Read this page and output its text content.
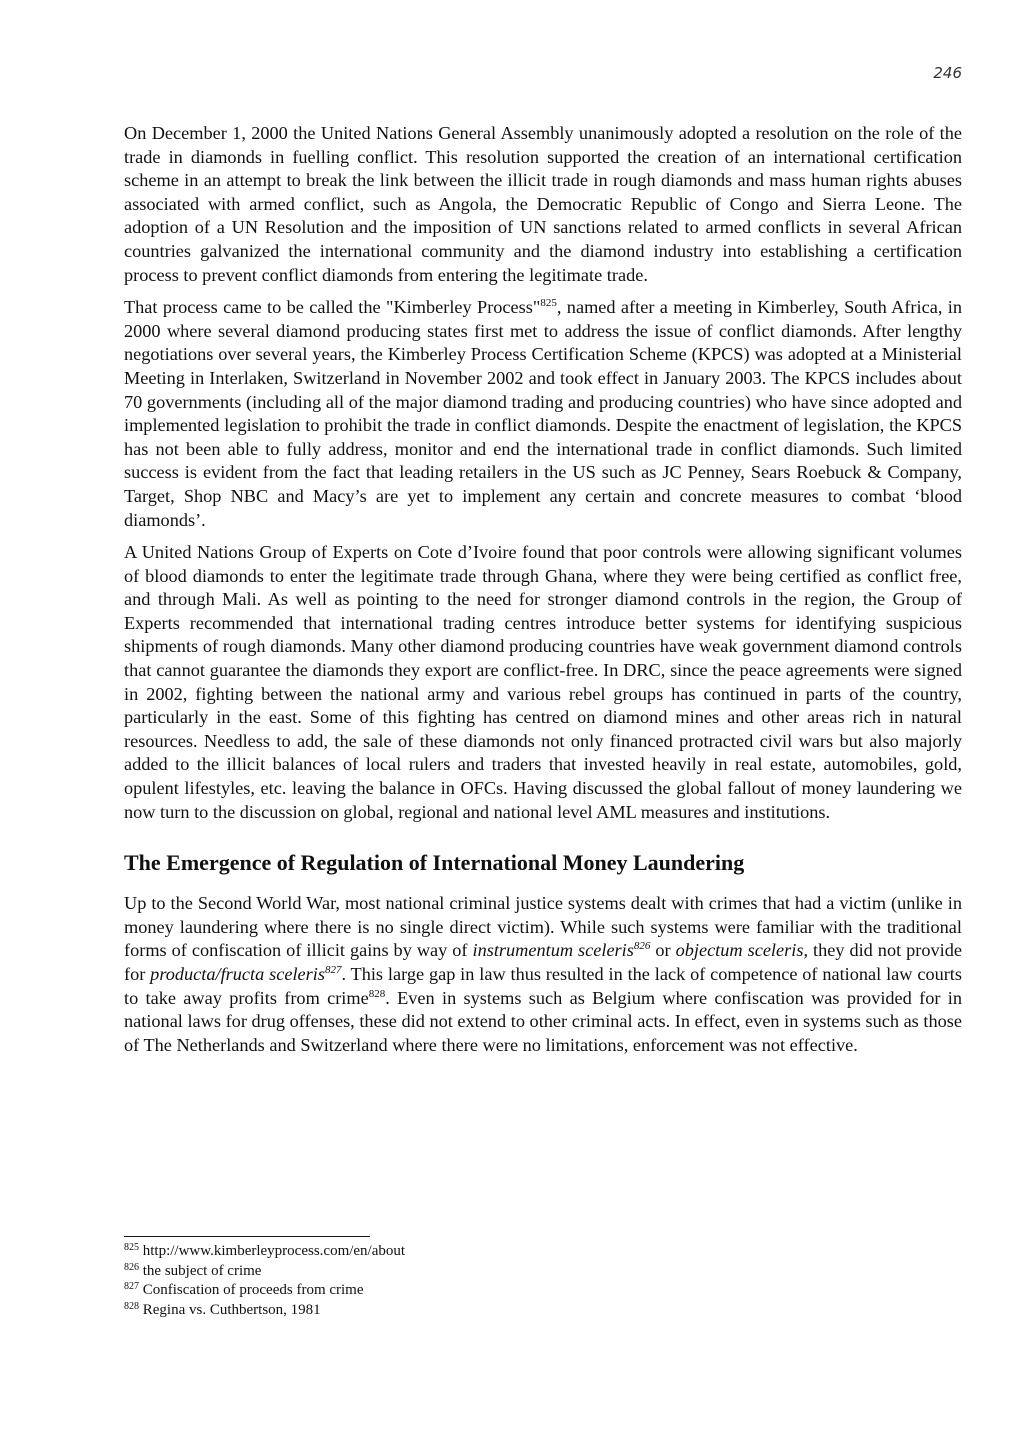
246

On December 1, 2000 the United Nations General Assembly unanimously adopted a resolution on the role of the trade in diamonds in fuelling conflict. This resolution supported the creation of an international certification scheme in an attempt to break the link between the illicit trade in rough diamonds and mass human rights abuses associated with armed conflict, such as Angola, the Democratic Republic of Congo and Sierra Leone. The adoption of a UN Resolution and the imposition of UN sanctions related to armed conflicts in several African countries galvanized the international community and the diamond industry into establishing a certification process to prevent conflict diamonds from entering the legitimate trade.

That process came to be called the "Kimberley Process"$^{825}$, named after a meeting in Kimberley, South Africa, in 2000 where several diamond producing states first met to address the issue of conflict diamonds. After lengthy negotiations over several years, the Kimberley Process Certification Scheme (KPCS) was adopted at a Ministerial Meeting in Interlaken, Switzerland in November 2002 and took effect in January 2003. The KPCS includes about 70 governments (including all of the major diamond trading and producing countries) who have since adopted and implemented legislation to prohibit the trade in conflict diamonds. Despite the enactment of legislation, the KPCS has not been able to fully address, monitor and end the international trade in conflict diamonds. Such limited success is evident from the fact that leading retailers in the US such as JC Penney, Sears Roebuck & Company, Target, Shop NBC and Macy’s are yet to implement any certain and concrete measures to combat ‘blood diamonds’.

A United Nations Group of Experts on Cote d’Ivoire found that poor controls were allowing significant volumes of blood diamonds to enter the legitimate trade through Ghana, where they were being certified as conflict free, and through Mali. As well as pointing to the need for stronger diamond controls in the region, the Group of Experts recommended that international trading centres introduce better systems for identifying suspicious shipments of rough diamonds. Many other diamond producing countries have weak government diamond controls that cannot guarantee the diamonds they export are conflict-free. In DRC, since the peace agreements were signed in 2002, fighting between the national army and various rebel groups has continued in parts of the country, particularly in the east. Some of this fighting has centred on diamond mines and other areas rich in natural resources. Needless to add, the sale of these diamonds not only financed protracted civil wars but also majorly added to the illicit balances of local rulers and traders that invested heavily in real estate, automobiles, gold, opulent lifestyles, etc. leaving the balance in OFCs. Having discussed the global fallout of money laundering we now turn to the discussion on global, regional and national level AML measures and institutions.

The Emergence of Regulation of International Money Laundering

Up to the Second World War, most national criminal justice systems dealt with crimes that had a victim (unlike in money laundering where there is no single direct victim). While such systems were familiar with the traditional forms of confiscation of illicit gains by way of instrumentum sceleris$^{826}$ or objectum sceleris, they did not provide for producta/fructa sceleris$^{827}$. This large gap in law thus resulted in the lack of competence of national law courts to take away profits from crime$^{828}$. Even in systems such as Belgium where confiscation was provided for in national laws for drug offenses, these did not extend to other criminal acts. In effect, even in systems such as those of The Netherlands and Switzerland where there were no limitations, enforcement was not effective.

$^{825}$ http://www.kimberleyprocess.com/en/about
$^{826}$ the subject of crime
$^{827}$ Confiscation of proceeds from crime
$^{828}$ Regina vs. Cuthbertson, 1981
